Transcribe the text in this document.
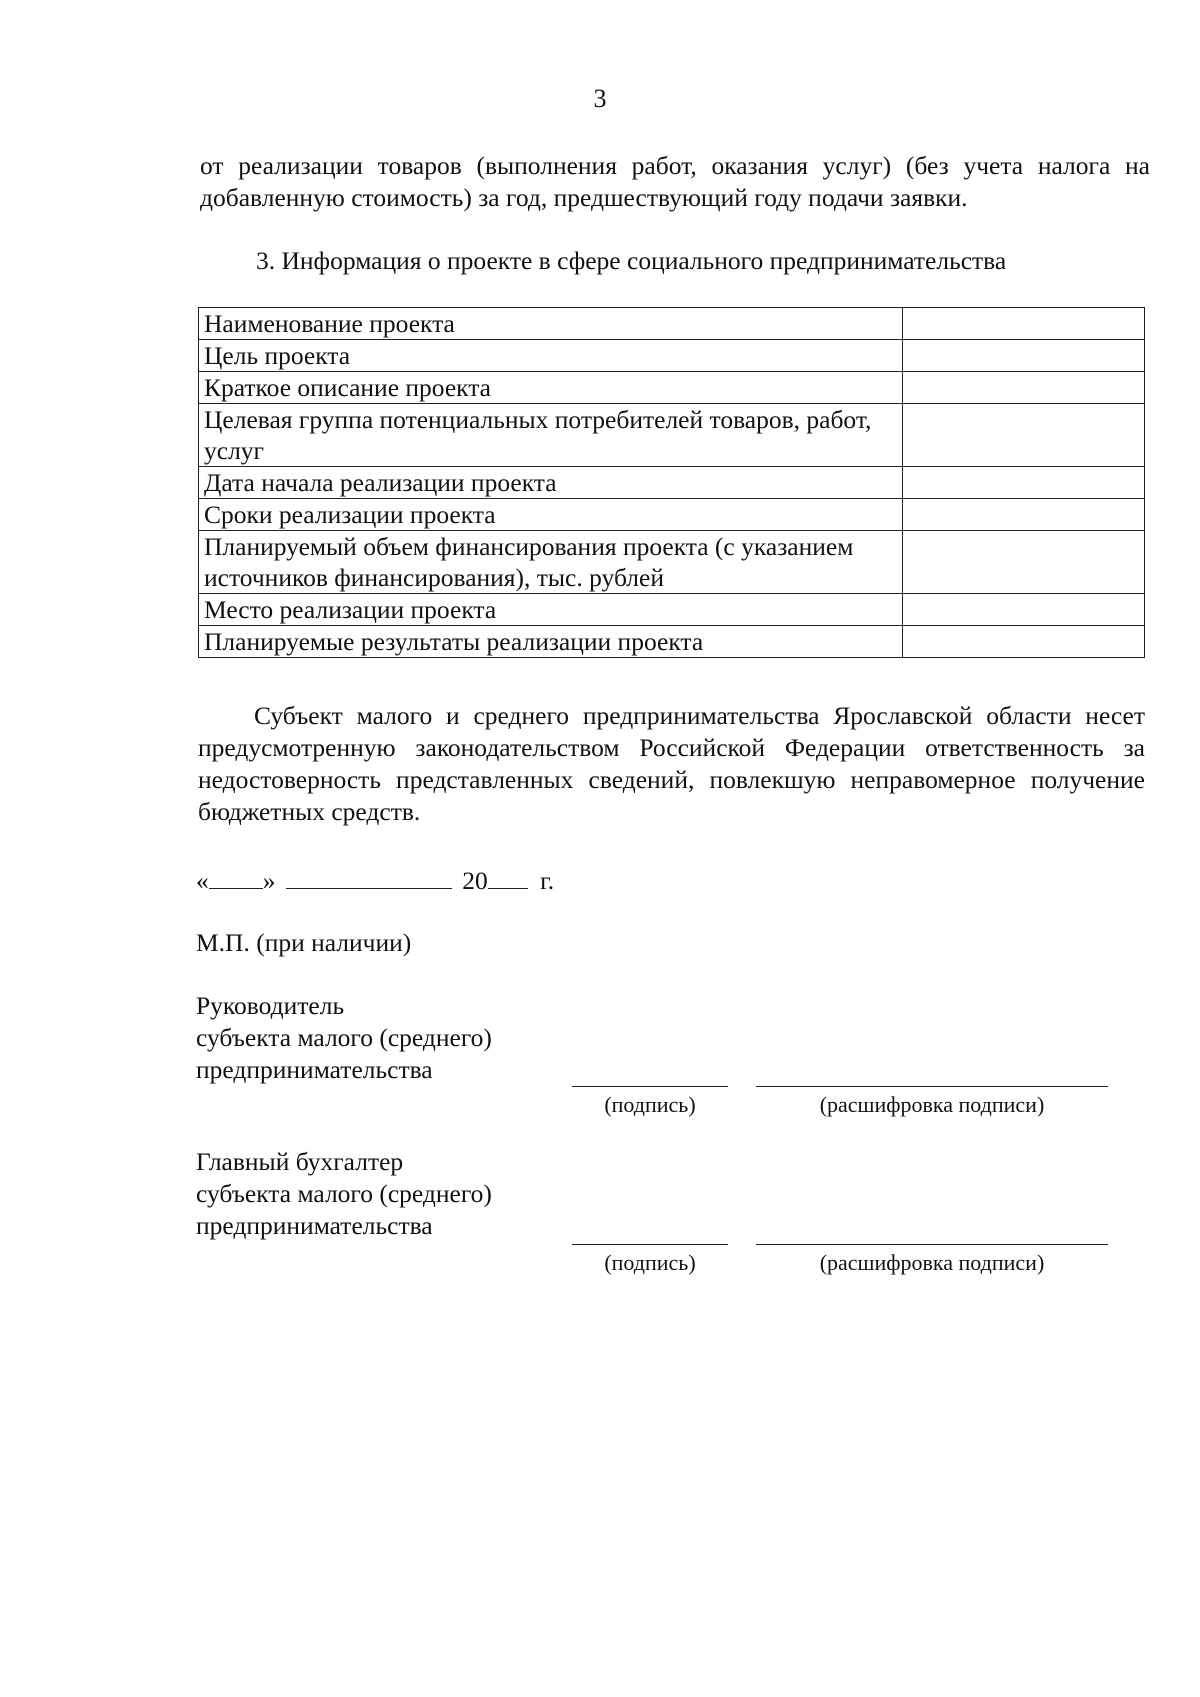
3
от реализации товаров (выполнения работ, оказания услуг) (без учета налога на добавленную стоимость) за год, предшествующий году подачи заявки.
3. Информация о проекте в сфере социального предпринимательства
Наименование проекта	
Цель проекта	
Краткое описание проекта	
Целевая группа потенциальных потребителей товаров, работ, услуг	
Дата начала реализации проекта	
Сроки реализации проекта	
Планируемый объем финансирования проекта (с указанием источников финансирования), тыс. рублей	
Место реализации проекта	
Планируемые результаты реализации проекта	
Субъект малого и среднего предпринимательства Ярославской области несет предусмотренную законодательством Российской Федерации ответственность за недостоверность представленных сведений, повлекшую неправомерное получение бюджетных средств.
« »	20 г.
М.П. (при наличии)
Руководитель
субъекта малого (среднего)
предпринимательства
(подпись)	(расшифровка подписи)
Главный бухгалтер
субъекта малого (среднего)
предпринимательства
(подпись)	(расшифровка подписи)
